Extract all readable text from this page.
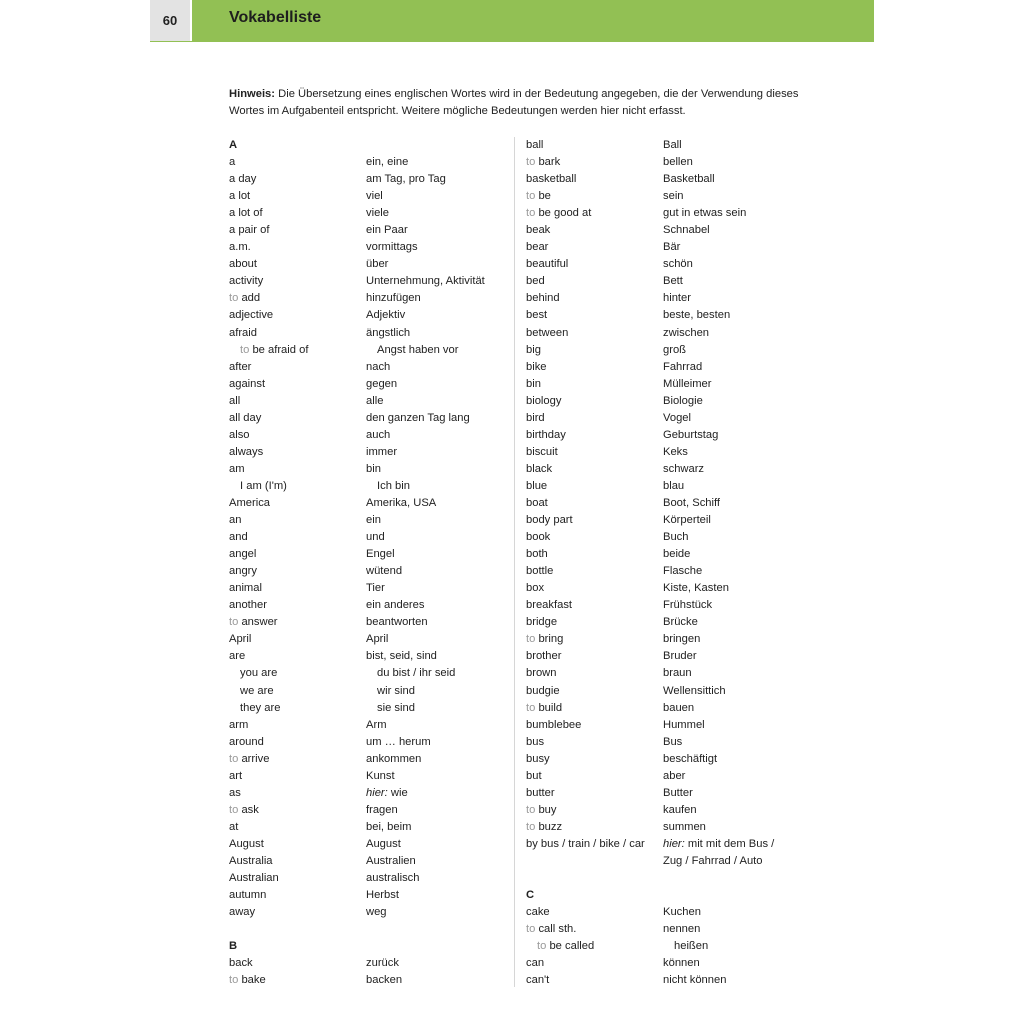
60	Vokabelliste
Hinweis: Die Übersetzung eines englischen Wortes wird in der Bedeutung angegeben, die der Verwendung dieses Wortes im Aufgabenteil entspricht. Weitere mögliche Bedeutungen werden hier nicht erfasst.
A
a	ein, eine
a day	am Tag, pro Tag
a lot	viel
a lot of	viele
a pair of	ein Paar
a.m.	vormittags
about	über
activity	Unternehmung, Aktivität
to add	hinzufügen
adjective	Adjektiv
afraid	ängstlich
to be afraid of	Angst haben vor
after	nach
against	gegen
all	alle
all day	den ganzen Tag lang
also	auch
always	immer
am	bin
I am (I'm)	Ich bin
America	Amerika, USA
an	ein
and	und
angel	Engel
angry	wütend
animal	Tier
another	ein anderes
to answer	beantworten
April	April
are	bist, seid, sind
you are	du bist / ihr seid
we are	wir sind
they are	sie sind
arm	Arm
around	um … herum
to arrive	ankommen
art	Kunst
as	hier: wie
to ask	fragen
at	bei, beim
August	August
Australia	Australien
Australian	australisch
autumn	Herbst
away	weg
B
back	zurück
to bake	backen
ball	Ball
to bark	bellen
basketball	Basketball
to be	sein
to be good at	gut in etwas sein
beak	Schnabel
bear	Bär
beautiful	schön
bed	Bett
behind	hinter
best	beste, besten
between	zwischen
big	groß
bike	Fahrrad
bin	Mülleimer
biology	Biologie
bird	Vogel
birthday	Geburtstag
biscuit	Keks
black	schwarz
blue	blau
boat	Boot, Schiff
body part	Körperteil
book	Buch
both	beide
bottle	Flasche
box	Kiste, Kasten
breakfast	Frühstück
bridge	Brücke
to bring	bringen
brother	Bruder
brown	braun
budgie	Wellensittich
to build	bauen
bumblebee	Hummel
bus	Bus
busy	beschäftigt
but	aber
butter	Butter
to buy	kaufen
to buzz	summen
by bus / train / bike / car hier: mit mit dem Bus /
Zug / Fahrrad / Auto
C
cake	Kuchen
to call sth.	nennen
to be called	heißen
can	können
can't	nicht können
